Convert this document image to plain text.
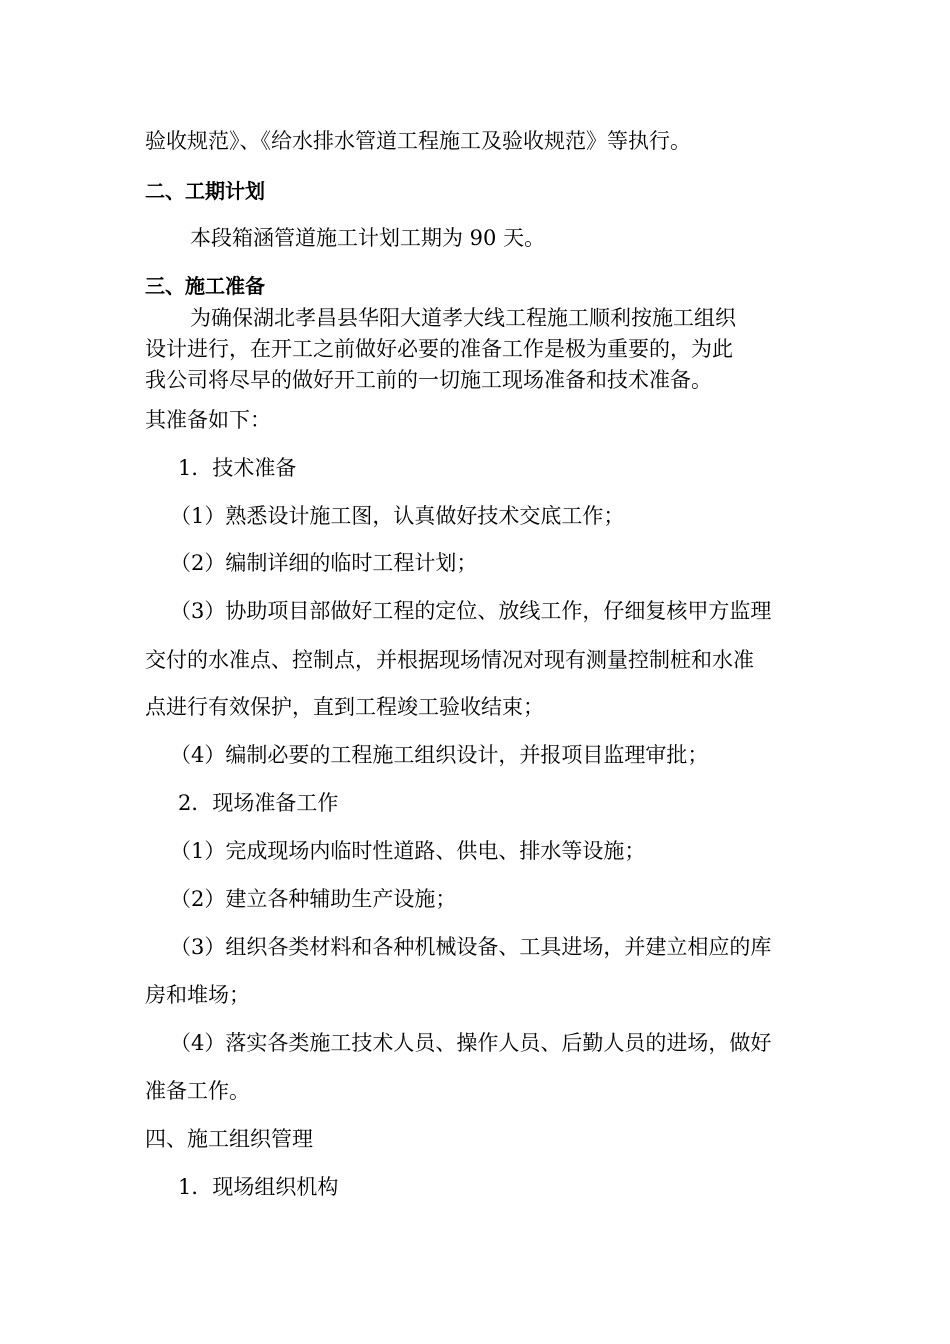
验收规范》、《给水排水管道工程施工及验收规范》等执行。
二、工期计划
本段箱涵管道施工计划工期为 90 天。
三、施工准备
为确保湖北孝昌县华阳大道孝大线工程施工顺利按施工组织
设计进行，在开工之前做好必要的准备工作是极为重要的，为此
我公司将尽早的做好开工前的一切施工现场准备和技术准备。
其准备如下：
1．技术准备
（1）熟悉设计施工图，认真做好技术交底工作；
（2）编制详细的临时工程计划；
（3）协助项目部做好工程的定位、放线工作，仔细复核甲方监理
交付的水准点、控制点，并根据现场情况对现有测量控制桩和水准
点进行有效保护，直到工程竣工验收结束；
（4）编制必要的工程施工组织设计，并报项目监理审批；
2．现场准备工作
（1）完成现场内临时性道路、供电、排水等设施；
（2）建立各种辅助生产设施；
（3）组织各类材料和各种机械设备、工具进场，并建立相应的库
房和堆场；
（4）落实各类施工技术人员、操作人员、后勤人员的进场，做好
准备工作。
四、施工组织管理
1．现场组织机构
